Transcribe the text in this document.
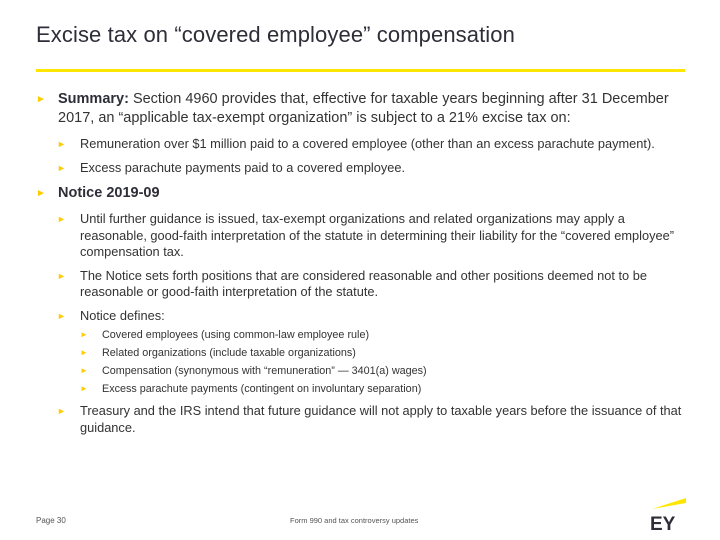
Excise tax on “covered employee” compensation
► Summary: Section 4960 provides that, effective for taxable years beginning after 31 December 2017, an “applicable tax-exempt organization” is subject to a 21% excise tax on:
► Remuneration over $1 million paid to a covered employee (other than an excess parachute payment).
► Excess parachute payments paid to a covered employee.
► Notice 2019-09
► Until further guidance is issued, tax-exempt organizations and related organizations may apply a reasonable, good-faith interpretation of the statute in determining their liability for the “covered employee” compensation tax.
► The Notice sets forth positions that are considered reasonable and other positions deemed not to be reasonable or good-faith interpretation of the statute.
► Notice defines:
► Covered employees (using common-law employee rule)
► Related organizations (include taxable organizations)
► Compensation (synonymous with “remuneration” — 3401(a) wages)
► Excess parachute payments (contingent on involuntary separation)
► Treasury and the IRS intend that future guidance will not apply to taxable years before the issuance of that guidance.
Page 30	Form 990 and tax controversy updates	EY
